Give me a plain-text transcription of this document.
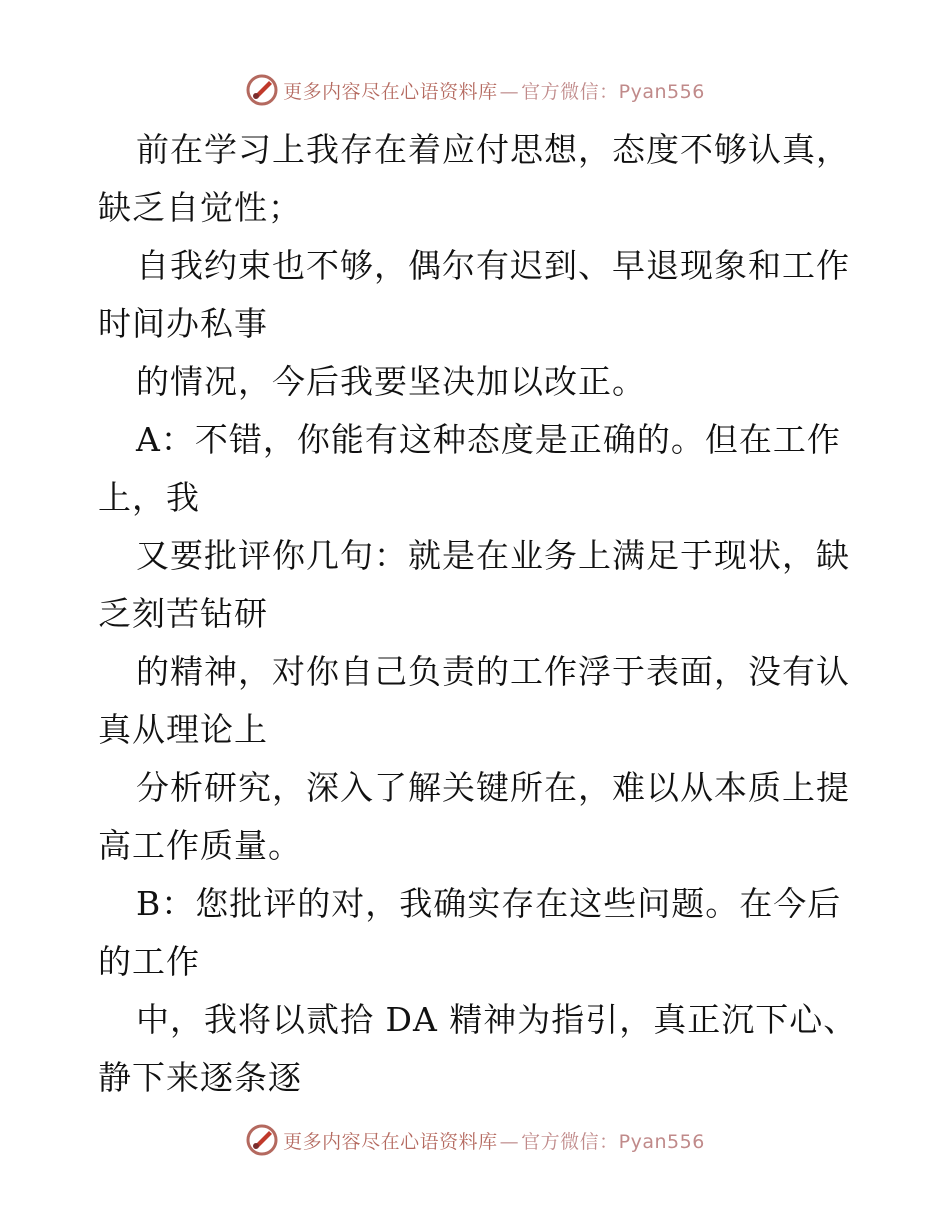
更多内容尽在心语资料库 — 官方微信：Pyan556
前在学习上我存在着应付思想，态度不够认真，
缺乏自觉性；
自我约束也不够，偶尔有迟到、早退现象和工作
时间办私事
的情况，今后我要坚决加以改正。
A：不错，你能有这种态度是正确的。但在工作
上，我
又要批评你几句：就是在业务上满足于现状，缺
乏刻苦钻研
的精神，对你自己负责的工作浮于表面，没有认
真从理论上
分析研究，深入了解关键所在，难以从本质上提
高工作质量。
B：您批评的对，我确实存在这些问题。在今后
的工作
中，我将以贰拾 DA 精神为指引，真正沉下心、
静下来逐条逐
更多内容尽在心语资料库 — 官方微信：Pyan556
